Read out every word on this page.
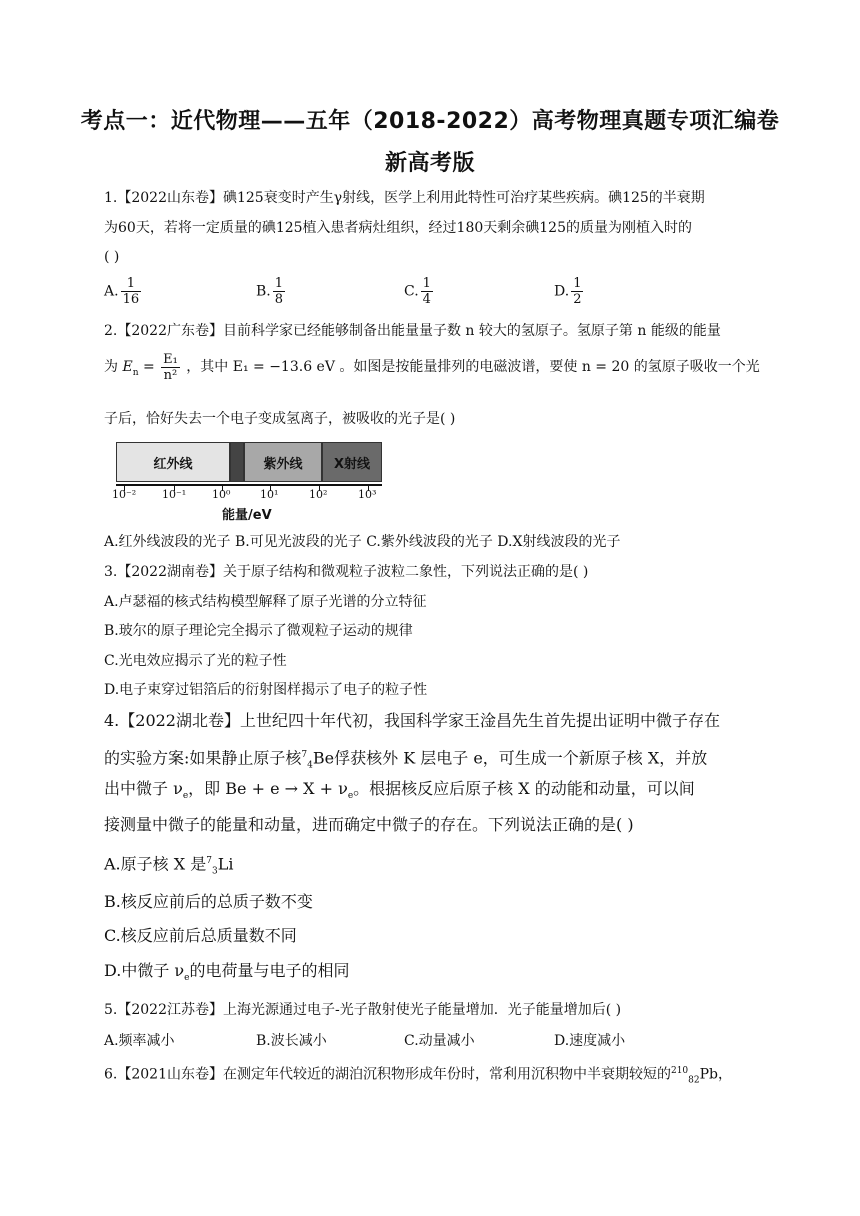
考点一：近代物理——五年（2018-2022）高考物理真题专项汇编卷
新高考版
1.【2022山东卷】碘125衰变时产生γ射线，医学上利用此特性可治疗某些疾病。碘125的半衰期
为60天，若将一定质量的碘125植入患者病灶组织，经过180天剩余碘125的质量为刚植入时的
( )
A. $\frac{1}{16}$	B. $\frac{1}{8}$	C. $\frac{1}{4}$	D. $\frac{1}{2}$
2.【2022广东卷】目前科学家已经能够制备出能量量子数 n 较大的氢原子。氢原子第 n 能级的能量
为 $E_n = \frac{\text{E₁}}{\text{n²}}$ ，其中 E₁ = −13.6 eV 。如图是按能量排列的电磁波谱，要使 n = 20 的氢原子吸收一个光
子后，恰好失去一个电子变成氢离子，被吸收的光子是( )
红外线	紫外线	X射线
10⁻² 10⁻¹ 10⁰	10¹	10²	10³
能量/eV
A.红外线波段的光子 B.可见光波段的光子 C.紫外线波段的光子 D.X射线波段的光子
3.【2022湖南卷】关于原子结构和微观粒子波粒二象性，下列说法正确的是( )
A.卢瑟福的核式结构模型解释了原子光谱的分立特征
B.玻尔的原子理论完全揭示了微观粒子运动的规律
C.光电效应揭示了光的粒子性
D.电子束穿过铝箔后的衍射图样揭示了电子的粒子性
4.【2022湖北卷】上世纪四十年代初，我国科学家王淦昌先生首先提出证明中微子存在
的实验方案:如果静止原子核$^7_4$Be俘获核外 K 层电子 e，可生成一个新原子核 X，并放
出中微子 $\nu_e$，即 $Be + e \to X + \nu_e$。根据核反应后原子核 X 的动能和动量，可以间
接测量中微子的能量和动量，进而确定中微子的存在。下列说法正确的是( )
A.原子核 X 是$^7_3$Li
B.核反应前后的总质子数不变
C.核反应前后总质量数不同
D.中微子 $\nu_e$的电荷量与电子的相同
5.【2022江苏卷】上海光源通过电子-光子散射使光子能量增加．光子能量增加后( )
A.频率减小	B.波长减小	C.动量减小	D.速度减小
6.【2021山东卷】在测定年代较近的湖泊沉积物形成年份时，常利用沉积物中半衰期较短的$^{210}_{82}$Pb，
